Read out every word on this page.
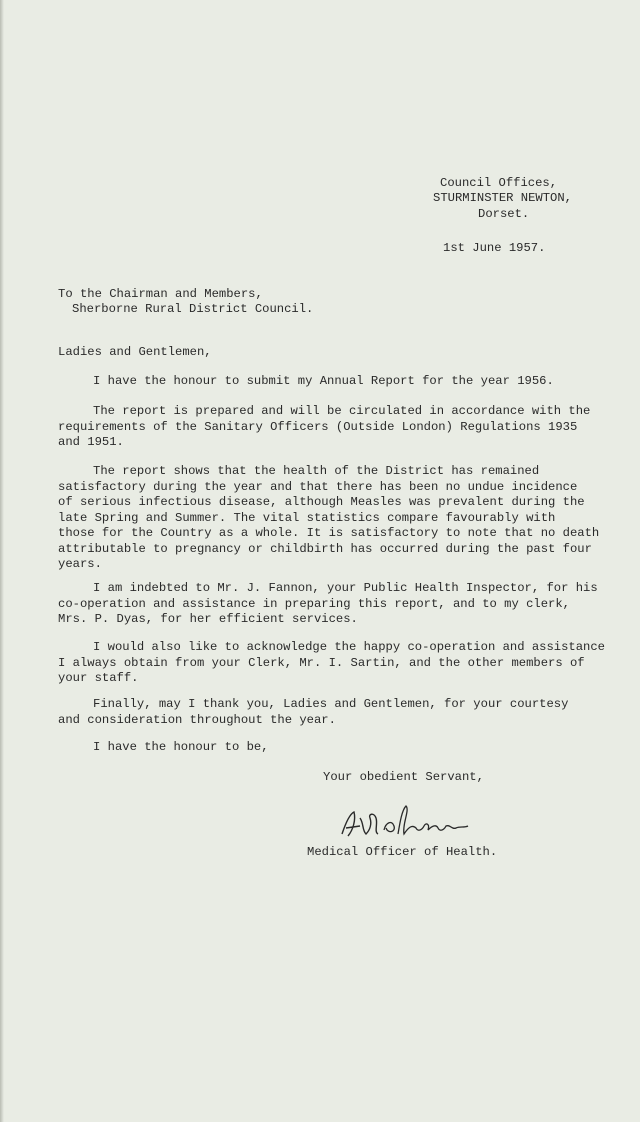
Council Offices,
STURMINSTER NEWTON,
Dorset.
1st June 1957.
To the Chairman and Members,
Sherborne Rural District Council.
Ladies and Gentlemen,
I have the honour to submit my Annual Report for the year 1956.
The report is prepared and will be circulated in accordance with the
requirements of the Sanitary Officers (Outside London) Regulations 1935
and 1951.
The report shows that the health of the District has remained
satisfactory during the year and that there has been no undue incidence
of serious infectious disease, although Measles was prevalent during the
late Spring and Summer. The vital statistics compare favourably with
those for the Country as a whole. It is satisfactory to note that no death
attributable to pregnancy or childbirth has occurred during the past four
years.
I am indebted to Mr. J. Fannon, your Public Health Inspector, for his
co-operation and assistance in preparing this report, and to my clerk,
Mrs. P. Dyas, for her efficient services.
I would also like to acknowledge the happy co-operation and assistance
I always obtain from your Clerk, Mr. I. Sartin, and the other members of
your staff.
Finally, may I thank you, Ladies and Gentlemen, for your courtesy
and consideration throughout the year.
I have the honour to be,
Your obedient Servant,
Medical Officer of Health.
